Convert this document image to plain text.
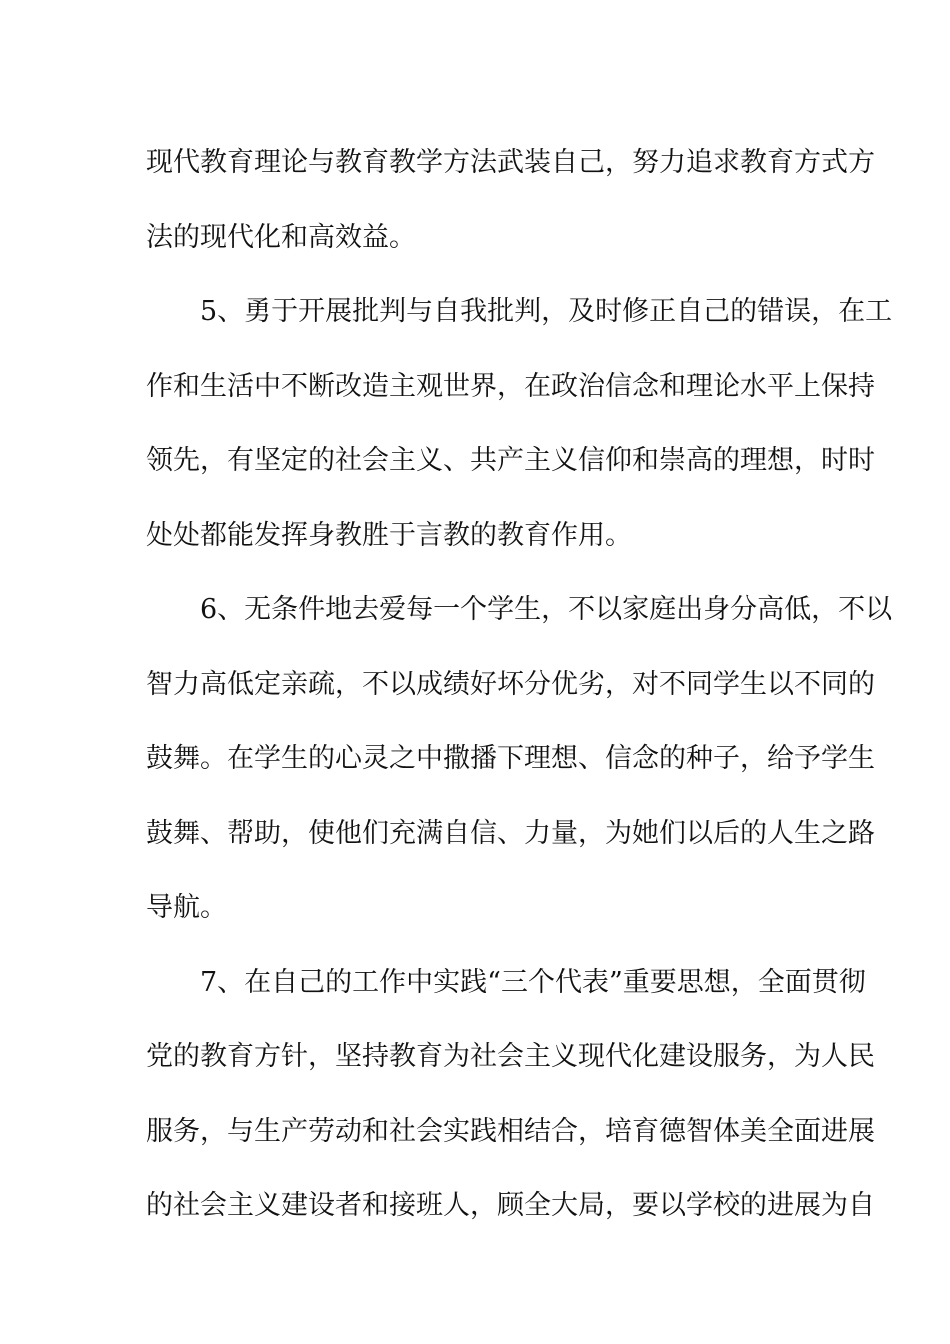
现代教育理论与教育教学方法武装自己，努力追求教育方式方
法的现代化和高效益。
　　5、勇于开展批判与自我批判，及时修正自己的错误，在工
作和生活中不断改造主观世界，在政治信念和理论水平上保持
领先，有坚定的社会主义、共产主义信仰和崇高的理想，时时
处处都能发挥身教胜于言教的教育作用。
　　6、无条件地去爱每一个学生，不以家庭出身分高低，不以
智力高低定亲疏，不以成绩好坏分优劣，对不同学生以不同的
鼓舞。在学生的心灵之中撒播下理想、信念的种子，给予学生
鼓舞、帮助，使他们充满自信、力量，为她们以后的人生之路
导航。
　　7、在自己的工作中实践“三个代表”重要思想，全面贯彻
党的教育方针，坚持教育为社会主义现代化建设服务，为人民
服务，与生产劳动和社会实践相结合，培育德智体美全面进展
的社会主义建设者和接班人，顾全大局，要以学校的进展为自
